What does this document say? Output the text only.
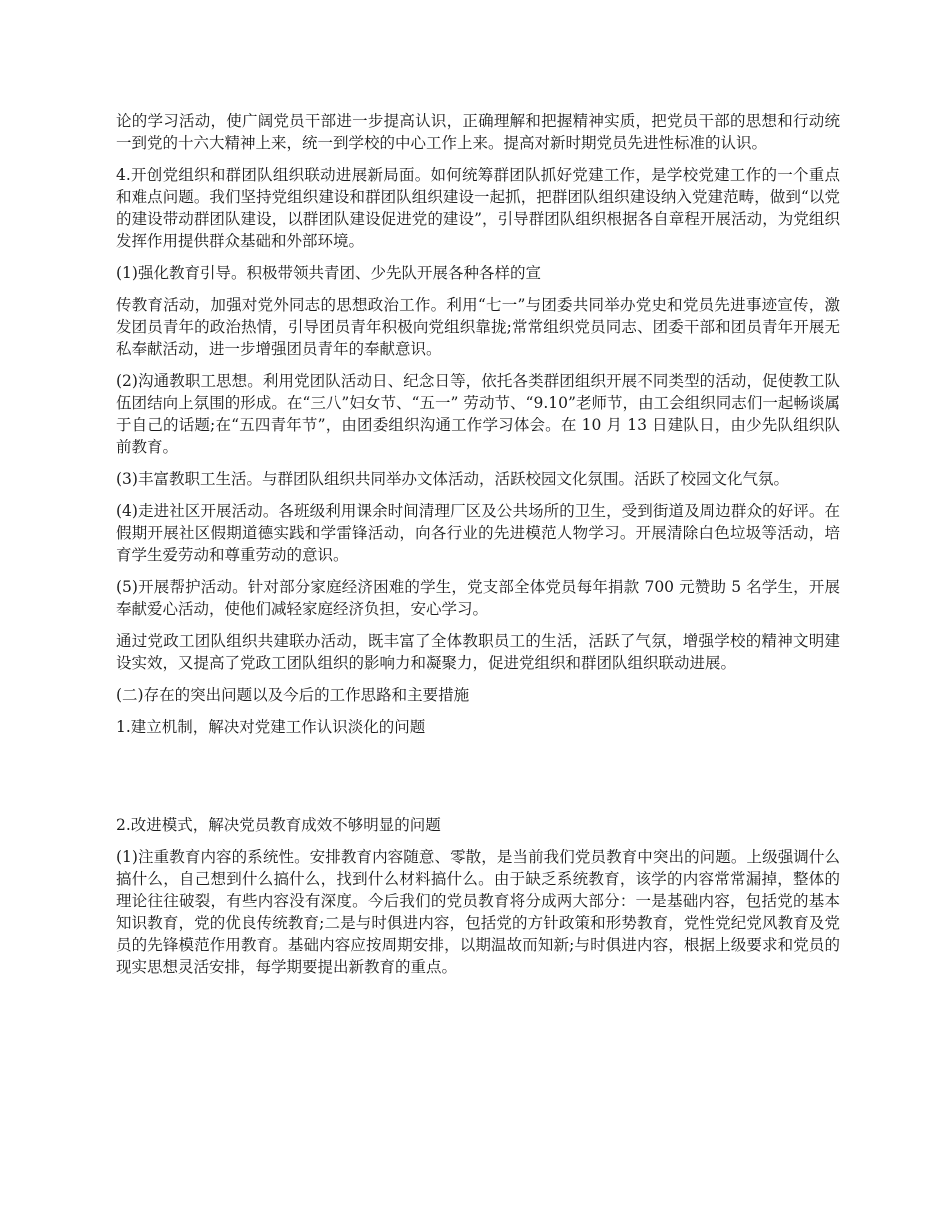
论的学习活动，使广阔党员干部进一步提高认识，正确理解和把握精神实质，把党员干部的思想和行动统一到党的十六大精神上来，统一到学校的中心工作上来。提高对新时期党员先进性标准的认识。

4.开创党组织和群团队组织联动进展新局面。如何统筹群团队抓好党建工作，是学校党建工作的一个重点和难点问题。我们坚持党组织建设和群团队组织建设一起抓，把群团队组织建设纳入党建范畴，做到“以党的建设带动群团队建设，以群团队建设促进党的建设”，引导群团队组织根据各自章程开展活动，为党组织发挥作用提供群众基础和外部环境。

(1)强化教育引导。积极带领共青团、少先队开展各种各样的宣

传教育活动，加强对党外同志的思想政治工作。利用“七一”与团委共同举办党史和党员先进事迹宣传，激发团员青年的政治热情，引导团员青年积极向党组织靠拢;常常组织党员同志、团委干部和团员青年开展无私奉献活动，进一步增强团员青年的奉献意识。

(2)沟通教职工思想。利用党团队活动日、纪念日等，依托各类群团组织开展不同类型的活动，促使教工队伍团结向上氛围的形成。在“三八”妇女节、“五一” 劳动节、“9.10”老师节，由工会组织同志们一起畅谈属于自己的话题;在“五四青年节”，由团委组织沟通工作学习体会。在 10 月 13 日建队日，由少先队组织队前教育。

(3)丰富教职工生活。与群团队组织共同举办文体活动，活跃校园文化氛围。活跃了校园文化气氛。

(4)走进社区开展活动。各班级利用课余时间清理厂区及公共场所的卫生，受到街道及周边群众的好评。在假期开展社区假期道德实践和学雷锋活动，向各行业的先进模范人物学习。开展清除白色垃圾等活动，培育学生爱劳动和尊重劳动的意识。

(5)开展帮护活动。针对部分家庭经济困难的学生，党支部全体党员每年捐款 700 元赞助 5 名学生，开展奉献爱心活动，使他们减轻家庭经济负担，安心学习。

通过党政工团队组织共建联办活动，既丰富了全体教职员工的生活，活跃了气氛，增强学校的精神文明建设实效，又提高了党政工团队组织的影响力和凝聚力，促进党组织和群团队组织联动进展。

(二)存在的突出问题以及今后的工作思路和主要措施

1.建立机制，解决对党建工作认识淡化的问题

2.改进模式，解决党员教育成效不够明显的问题

(1)注重教育内容的系统性。安排教育内容随意、零散，是当前我们党员教育中突出的问题。上级强调什么搞什么，自己想到什么搞什么，找到什么材料搞什么。由于缺乏系统教育，该学的内容常常漏掉，整体的理论往往破裂，有些内容没有深度。今后我们的党员教育将分成两大部分：一是基础内容，包括党的基本知识教育，党的优良传统教育;二是与时俱进内容，包括党的方针政策和形势教育，党性党纪党风教育及党员的先锋模范作用教育。基础内容应按周期安排，以期温故而知新;与时俱进内容，根据上级要求和党员的现实思想灵活安排，每学期要提出新教育的重点。
